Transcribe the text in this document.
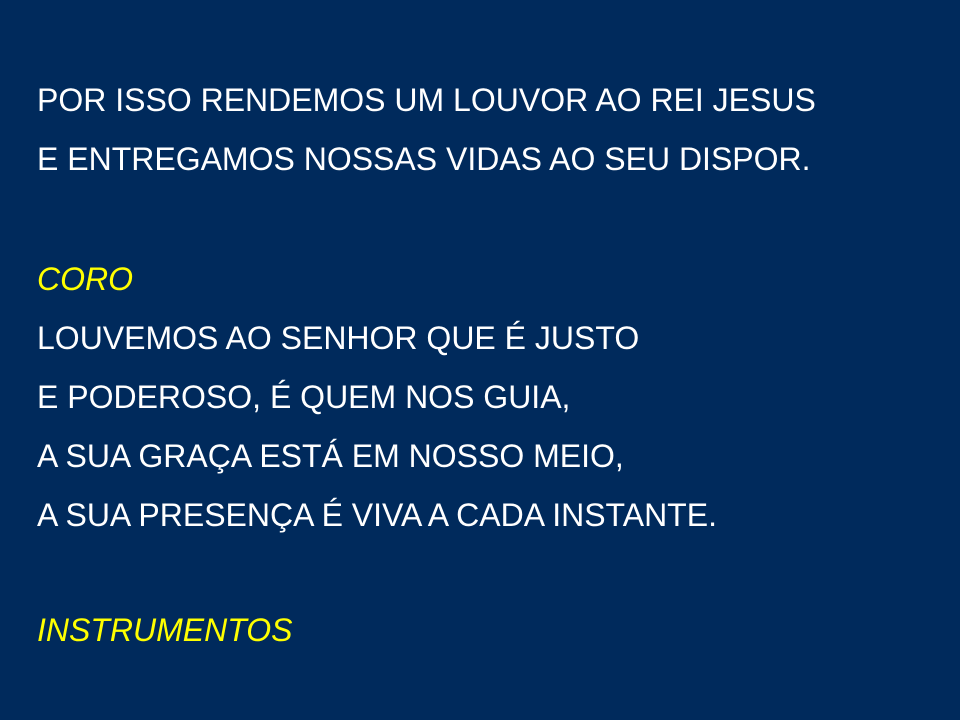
POR ISSO RENDEMOS UM LOUVOR AO REI JESUS

E ENTREGAMOS NOSSAS VIDAS AO SEU DISPOR.

CORO

LOUVEMOS AO SENHOR QUE É JUSTO

E PODEROSO, É QUEM NOS GUIA,

A SUA GRAÇA ESTÁ EM NOSSO MEIO,

A SUA PRESENÇA É VIVA A CADA INSTANTE.

INSTRUMENTOS
